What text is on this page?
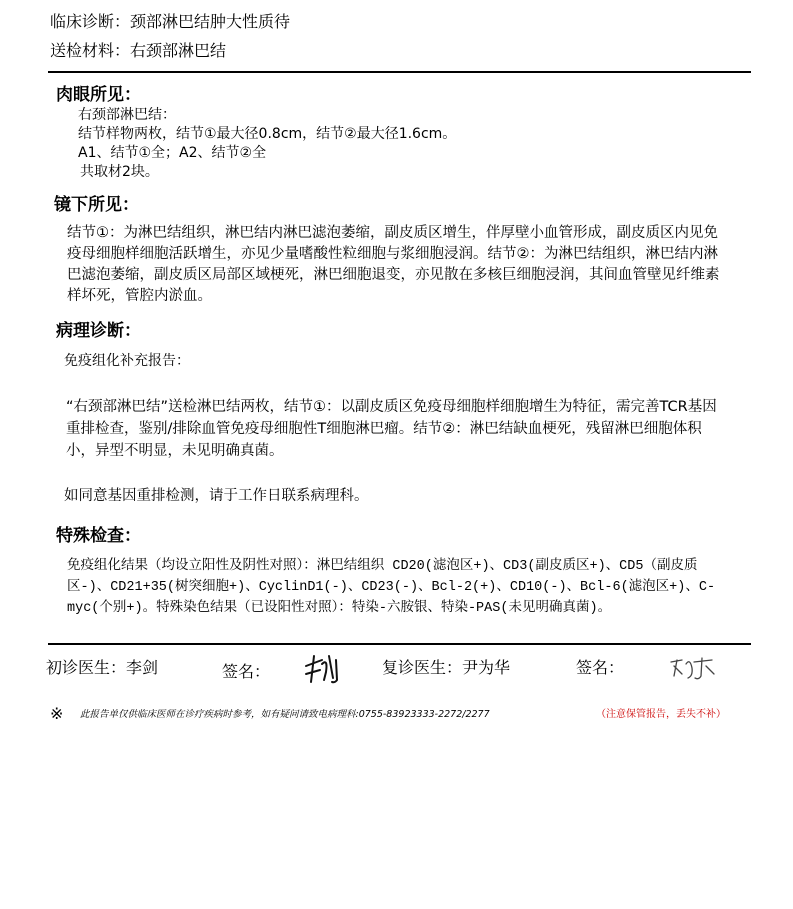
临床诊断：颈部淋巴结肿大性质待
送检材料：右颈部淋巴结
肉眼所见：
右颈部淋巴结：
结节样物两枚，结节①最大径0.8cm，结节②最大径1.6cm。
A1、结节①全；A2、结节②全
共取材2块。
镜下所见：
结节①：为淋巴结组织，淋巴结内淋巴滤泡萎缩，副皮质区增生，伴厚壁小血管形成，副皮质区内见免疫母细胞样细胞活跃增生，亦见少量嗜酸性粒细胞与浆细胞浸润。结节②：为淋巴结组织，淋巴结内淋巴滤泡萎缩，副皮质区局部区域梗死，淋巴细胞退变，亦见散在多核巨细胞浸润，其间血管壁见纤维素样坏死，管腔内淤血。
病理诊断：
免疫组化补充报告：
“右颈部淋巴结”送检淋巴结两枚，结节①：以副皮质区免疫母细胞样细胞增生为特征，需完善TCR基因重排检查，鉴别/排除血管免疫母细胞性T细胞淋巴瘤。结节②：淋巴结缺血梗死，残留淋巴细胞体积小，异型不明显，未见明确真菌。
如同意基因重排检测，请于工作日联系病理科。
特殊检查：
免疫组化结果（均设立阳性及阴性对照）：淋巴结组织 CD20(滤泡区+)、CD3(副皮质区+)、CD5（副皮质区-)、CD21+35(树突细胞+)、CyclinD1(-)、CD23(-)、Bcl-2(+)、CD10(-)、Bcl-6(滤泡区+)、C-myc(个别+)。特殊染色结果（已设阳性对照）：特染-六胺银、特染-PAS(未见明确真菌)。
初诊医生：李剑	签名：	复诊医生：尹为华	签名：
※ 此报告单仅供临床医师在诊疗疾病时参考，如有疑问请致电病理科:0755-83923333-2272/2277	（注意保管报告，丢失不补）
